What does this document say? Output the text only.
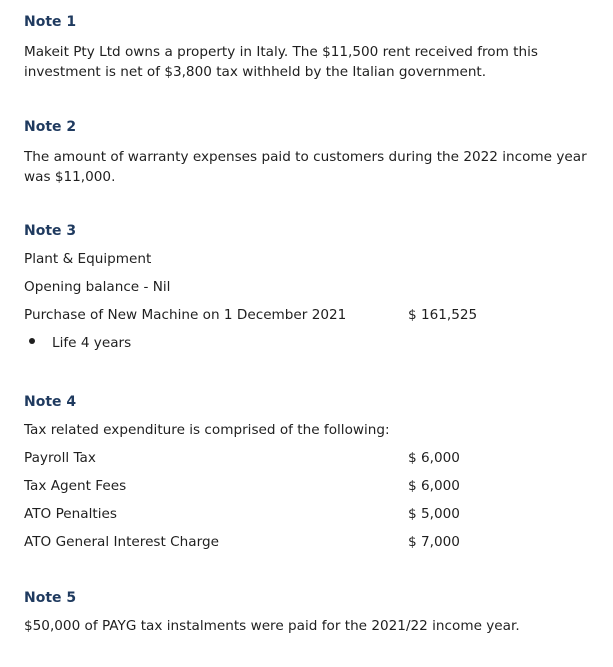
Note 1
Makeit Pty Ltd owns a property in Italy. The $11,500 rent received from this investment is net of $3,800 tax withheld by the Italian government.
Note 2
The amount of warranty expenses paid to customers during the 2022 income year was $11,000.
Note 3
Plant & Equipment
Opening balance - Nil
Purchase of New Machine on 1 December 2021	$ 161,525
Life 4 years
Note 4
Tax related expenditure is comprised of the following:
Payroll Tax	$ 6,000
Tax Agent Fees	$ 6,000
ATO Penalties	$ 5,000
ATO General Interest Charge	$ 7,000
Note 5
$50,000 of PAYG tax instalments were paid for the 2021/22 income year.
